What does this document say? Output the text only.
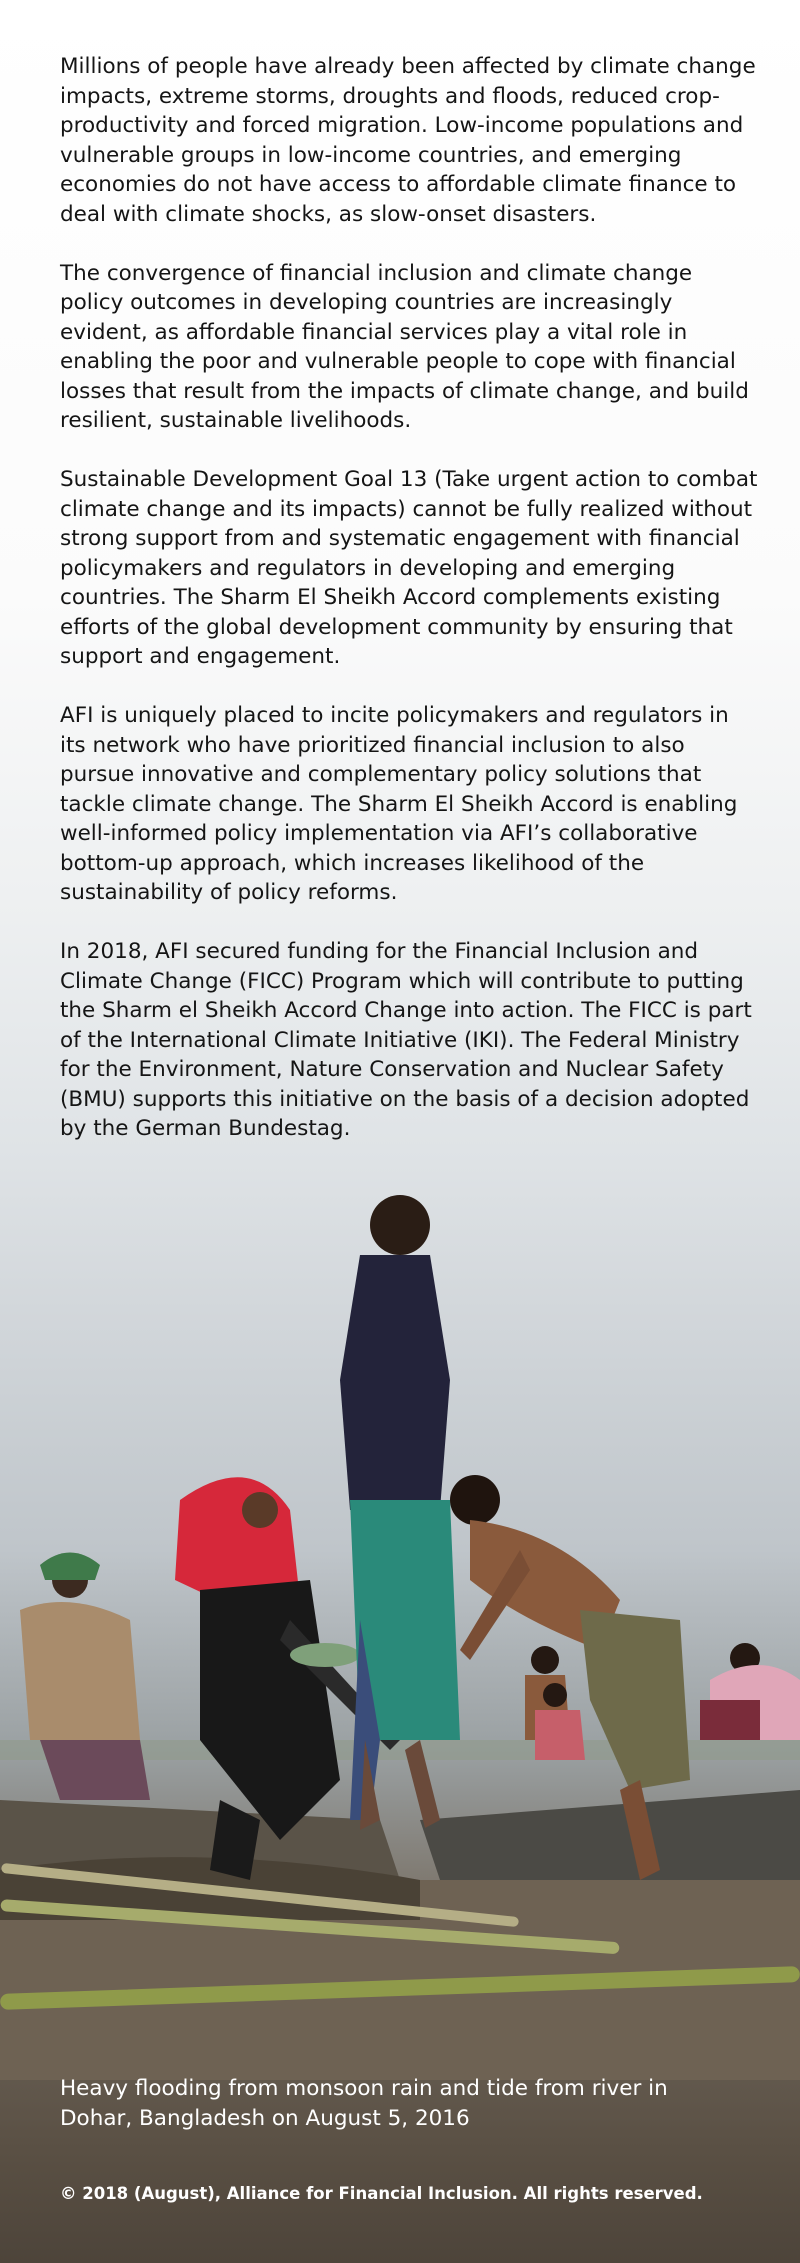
Millions of people have already been affected by climate change impacts, extreme storms, droughts and floods, reduced crop-productivity and forced migration. Low-income populations and vulnerable groups in low-income countries, and emerging economies do not have access to affordable climate finance to deal with climate shocks, as slow-onset disasters.

The convergence of financial inclusion and climate change policy outcomes in developing countries are increasingly evident, as affordable financial services play a vital role in enabling the poor and vulnerable people to cope with financial losses that result from the impacts of climate change, and build resilient, sustainable livelihoods.

Sustainable Development Goal 13 (Take urgent action to combat climate change and its impacts) cannot be fully realized without strong support from and systematic engagement with financial policymakers and regulators in developing and emerging countries. The Sharm El Sheikh Accord complements existing efforts of the global development community by ensuring that support and engagement.

AFI is uniquely placed to incite policymakers and regulators in its network who have prioritized financial inclusion to also pursue innovative and complementary policy solutions that tackle climate change. The Sharm El Sheikh Accord is enabling well-informed policy implementation via AFI’s collaborative bottom-up approach, which increases likelihood of the sustainability of policy reforms.

In 2018, AFI secured funding for the Financial Inclusion and Climate Change (FICC) Program which will contribute to putting the Sharm el Sheikh Accord Change into action. The FICC is part of the International Climate Initiative (IKI). The Federal Ministry for the Environment, Nature Conservation and Nuclear Safety (BMU) supports this initiative on the basis of a decision adopted by the German Bundestag.

Heavy flooding from monsoon rain and tide from river in Dohar, Bangladesh on August 5, 2016
© 2018 (August), Alliance for Financial Inclusion. All rights reserved.
